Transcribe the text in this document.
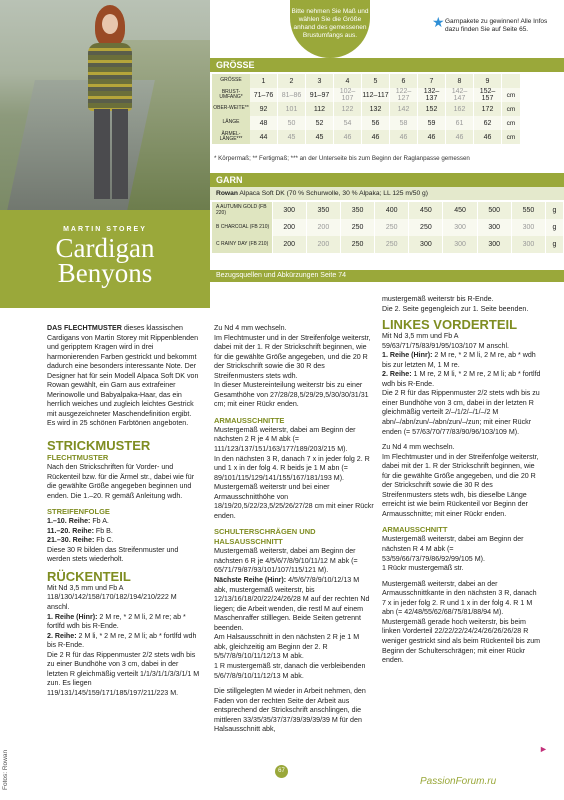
MARTIN STOREY
Cardigan
Benyons
Bitte nehmen Sie Maß und wählen Sie die Größe anhand des gemessenen Brustumfangs aus.
★ Garnpakete zu gewinnen! Alle Infos dazu finden Sie auf Seite 65.
GRÖSSE
GRÖSSE	1	2	3	4	5	6	7	8	9	
BRUST-UMFANG*	71–76	81–86	91–97	102–107	112–117	122–127	132–137	142–147	152–157	cm
OBER-WEITE**	92	101	112	122	132	142	152	162	172	cm
LÄNGE	48	50	52	54	56	58	59	61	62	cm
ÄRMEL-LÄNGE***	44	45	45	46	46	46	46	46	46	cm
* Körpermaß; ** Fertigmaß; *** an der Unterseite bis zum Beginn der Raglanpasse gemessen
GARN
Rowan Alpaca Soft DK (70 % Schurwolle, 30 % Alpaka; LL 125 m/50 g)
A AUTUMN GOLD (FB 220)	300	350	350	400	450	450	500	550	g
B CHARCOAL (FB 210)	200	200	250	250	250	300	300	300	g
C RAINY DAY (FB 210)	200	200	250	250	300	300	300	300	g
Bezugsquellen und Abkürzungen Seite 74

DAS FLECHTMUSTER dieses klassischen Cardigans von Martin Storey mit Rippenblenden und geripptem Kragen wird in drei harmonierenden Farben gestrickt und bekommt dadurch eine besonders interessante Note. Der Designer hat für sein Modell Alpaca Soft DK von Rowan gewählt, ein Garn aus extrafeiner Merinowolle und Babyalpaka-Haar, das ein herrlich weiches und zugleich leichtes Gestrick mit ausgezeichneter Maschendefinition ergibt. Es wird in 25 schönen Farbtönen angeboten.

STRICKMUSTER

FLECHTMUSTER

Nach den Strickschriften für Vorder- und Rückenteil bzw. für die Ärmel str., dabei wie für die gewählte Größe angegeben beginnen und enden. Die 1.–20. R gemäß Anleitung wdh.

STREIFENFOLGE

1.–10. Reihe: Fb A.

11.–20. Reihe: Fb B.

21.–30. Reihe: Fb C.

Diese 30 R bilden das Streifenmuster und werden stets wiederholt.

RÜCKENTEIL

Mit Nd 3,5 mm und Fb A 118/130/142/158/170/182/194/210/222 M anschl.

1. Reihe (Hinr): 2 M re, * 2 M li, 2 M re; ab * fortlfd wdh bis R-Ende.

2. Reihe: 2 M li, * 2 M re, 2 M li; ab * fortlfd wdh bis R-Ende.

Die 2 R für das Rippenmuster 2/2 stets wdh bis zu einer Bundhöhe von 3 cm, dabei in der letzten R gleichmäßig verteilt 1/1/3/1/1/3/3/1/1 M zun. Es liegen 119/131/145/159/171/185/197/211/223 M.

Zu Nd 4 mm wechseln.

Im Flechtmuster und in der Streifenfolge weiterstr, dabei mit der 1. R der Strickschrift beginnen, wie für die gewählte Größe angegeben, und die 20 R der Strickschrift sowie die 30 R des Streifenmusters stets wdh.

In dieser Mustereinteilung weiterstr bis zu einer Gesamthöhe von 27/28/28,5/29/29,5/30/30/31/31 cm; mit einer Rückr enden.

ARMAUSSCHNITTE

Mustergemäß weiterstr, dabei am Beginn der nächsten 2 R je 4 M abk (= 111/123/137/151/163/177/189/203/215 M).

In den nächsten 3 R, danach 7 x in jeder folg 2. R und 1 x in der folg 4. R beids je 1 M abn (= 89/101/115/129/141/155/167/181/193 M).

Mustergemäß weiterstr und bei einer Armausschnitthöhe von 18/19/20,5/22/23,5/25/26/27/28 cm mit einer Rückr enden.

SCHULTERSCHRÄGEN UND HALSAUSSCHNITT

Mustergemäß weiterstr, dabei am Beginn der nächsten 6 R je 4/5/6/7/8/9/10/11/12 M abk (= 65/71/79/87/93/101/107/115/121 M).

Nächste Reihe (Hinr): 4/5/6/7/8/9/10/12/13 M abk, mustergemäß weiterstr, bis 12/13/16/18/20/22/24/26/28 M auf der rechten Nd liegen; die Arbeit wenden, die restl M auf einem Maschenraffer stilllegen. Beide Seiten getrennt beenden.

Am Halsausschnitt in den nächsten 2 R je 1 M abk, gleichzeitig am Beginn der 2. R 5/5/7/8/9/10/11/12/13 M abk.

1 R mustergemäß str, danach die verbleibenden 5/6/7/8/9/10/11/12/13 M abk.

Die stillgelegten M wieder in Arbeit nehmen, den Faden von der rechten Seite der Arbeit aus entsprechend der Strickschrift anschlingen, die mittleren 33/35/35/37/37/39/39/39/39 M für den Halsausschnitt abk,

mustergemäß weiterstr bis R-Ende.

Die 2. Seite gegengleich zur 1. Seite beenden.

LINKES VORDERTEIL

Mit Nd 3,5 mm und Fb A 59/63/71/75/83/91/95/103/107 M anschl.

1. Reihe (Hinr): 2 M re, * 2 M li, 2 M re, ab * wdh bis zur letzten M, 1 M re.

2. Reihe: 1 M re, 2 M li, * 2 M re, 2 M li; ab * fortlfd wdh bis R-Ende.

Die 2 R für das Rippenmuster 2/2 stets wdh bis zu einer Bundhöhe von 3 cm, dabei in der letzten R gleichmäßig verteilt 2/–/1/2/–/1/–/2 M abn/–/abn/zun/–/abn/zun/–/zun; mit einer Rückr enden (= 57/63/70/77/83/90/96/103/109 M).

Zu Nd 4 mm wechseln.

Im Flechtmuster und in der Streifenfolge weiterstr, dabei mit der 1. R der Strickschrift beginnen, wie für die gewählte Größe angegeben, und die 20 R der Strickschrift sowie die 30 R des Streifenmusters stets wdh, bis dieselbe Länge erreicht ist wie beim Rückenteil vor Beginn der Armausschnitte; mit einer Rückr enden.

ARMAUSSCHNITT

Mustergemäß weiterstr, dabei am Beginn der nächsten R 4 M abk (= 53/59/66/73/79/86/92/99/105 M).

1 Rückr mustergemäß str.

Mustergemäß weiterstr, dabei an der Armausschnittkante in den nächsten 3 R, danach 7 x in jeder folg 2. R und 1 x in der folg 4. R 1 M abn (= 42/48/55/62/68/75/81/88/94 M).

Mustergemäß gerade hoch weiterstr, bis beim linken Vorderteil 22/22/22/24/24/26/26/26/28 R weniger gestrickt sind als beim Rückenteil bis zum Beginn der Schulterschrägen; mit einer Rückr enden.

►
Fotos: Rowan	67
PassionForum.ru
